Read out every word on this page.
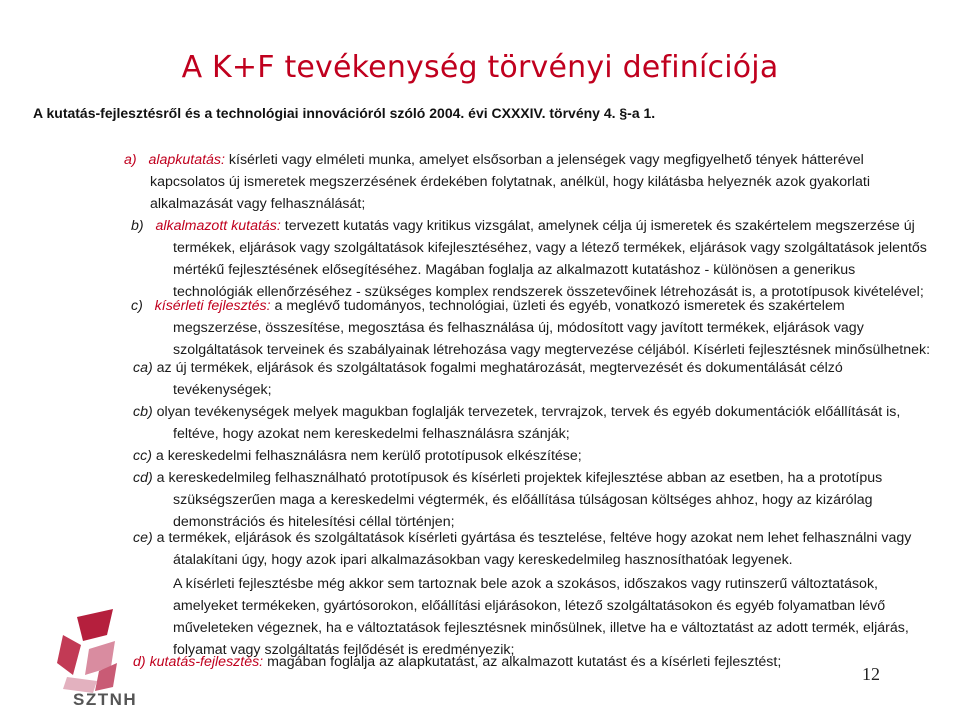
A K+F tevékenység törvényi definíciója
A kutatás-fejlesztésről és a technológiai innovációról szóló 2004. évi CXXXIV. törvény 4. §-a 1.
a) alapkutatás: kísérleti vagy elméleti munka, amelyet elsősorban a jelenségek vagy megfigyelhető tények hátterével
kapcsolatos új ismeretek megszerzésének érdekében folytatnak, anélkül, hogy kilátásba helyeznék azok gyakorlati
alkalmazását vagy felhasználását;
b) alkalmazott kutatás: tervezett kutatás vagy kritikus vizsgálat, amelynek célja új ismeretek és szakértelem megszerzése új
termékek, eljárások vagy szolgáltatások kifejlesztéséhez, vagy a létező termékek, eljárások vagy szolgáltatások jelentős
mértékű fejlesztésének elősegítéséhez. Magában foglalja az alkalmazott kutatáshoz - különösen a generikus
technológiák ellenőrzéséhez - szükséges komplex rendszerek összetevőinek létrehozását is, a prototípusok kivételével;
c) kísérleti fejlesztés: a meglévő tudományos, technológiai, üzleti és egyéb, vonatkozó ismeretek és szakértelem
megszerzése, összesítése, megosztása és felhasználása új, módosított vagy javított termékek, eljárások vagy
szolgáltatások terveinek és szabályainak létrehozása vagy megtervezése céljából. Kísérleti fejlesztésnek minősülhetnek:
ca) az új termékek, eljárások és szolgáltatások fogalmi meghatározását, megtervezését és dokumentálását célzó
tevékenységek;
cb) olyan tevékenységek melyek magukban foglalják tervezetek, tervrajzok, tervek és egyéb dokumentációk előállítását is,
feltéve, hogy azokat nem kereskedelmi felhasználásra szánják;
cc) a kereskedelmi felhasználásra nem kerülő prototípusok elkészítése;
cd) a kereskedelmileg felhasználható prototípusok és kísérleti projektek kifejlesztése abban az esetben, ha a prototípus
szükségszerűen maga a kereskedelmi végtermék, és előállítása túlságosan költséges ahhoz, hogy az kizárólag
demonstrációs és hitelesítési céllal történjen;
ce) a termékek, eljárások és szolgáltatások kísérleti gyártása és tesztelése, feltéve hogy azokat nem lehet felhasználni vagy
átalakítani úgy, hogy azok ipari alkalmazásokban vagy kereskedelmileg hasznosíthatóak legyenek.
A kísérleti fejlesztésbe még akkor sem tartoznak bele azok a szokásos, időszakos vagy rutinszerű változtatások,
amelyeket termékeken, gyártósorokon, előállítási eljárásokon, létező szolgáltatásokon és egyéb folyamatban lévő
műveleteken végeznek, ha e változtatások fejlesztésnek minősülnek, illetve ha e változtatást az adott termék, eljárás,
folyamat vagy szolgáltatás fejlődését is eredményezik;
d) kutatás-fejlesztés: magában foglalja az alapkutatást, az alkalmazott kutatást és a kísérleti fejlesztést;
SZTNH
12
